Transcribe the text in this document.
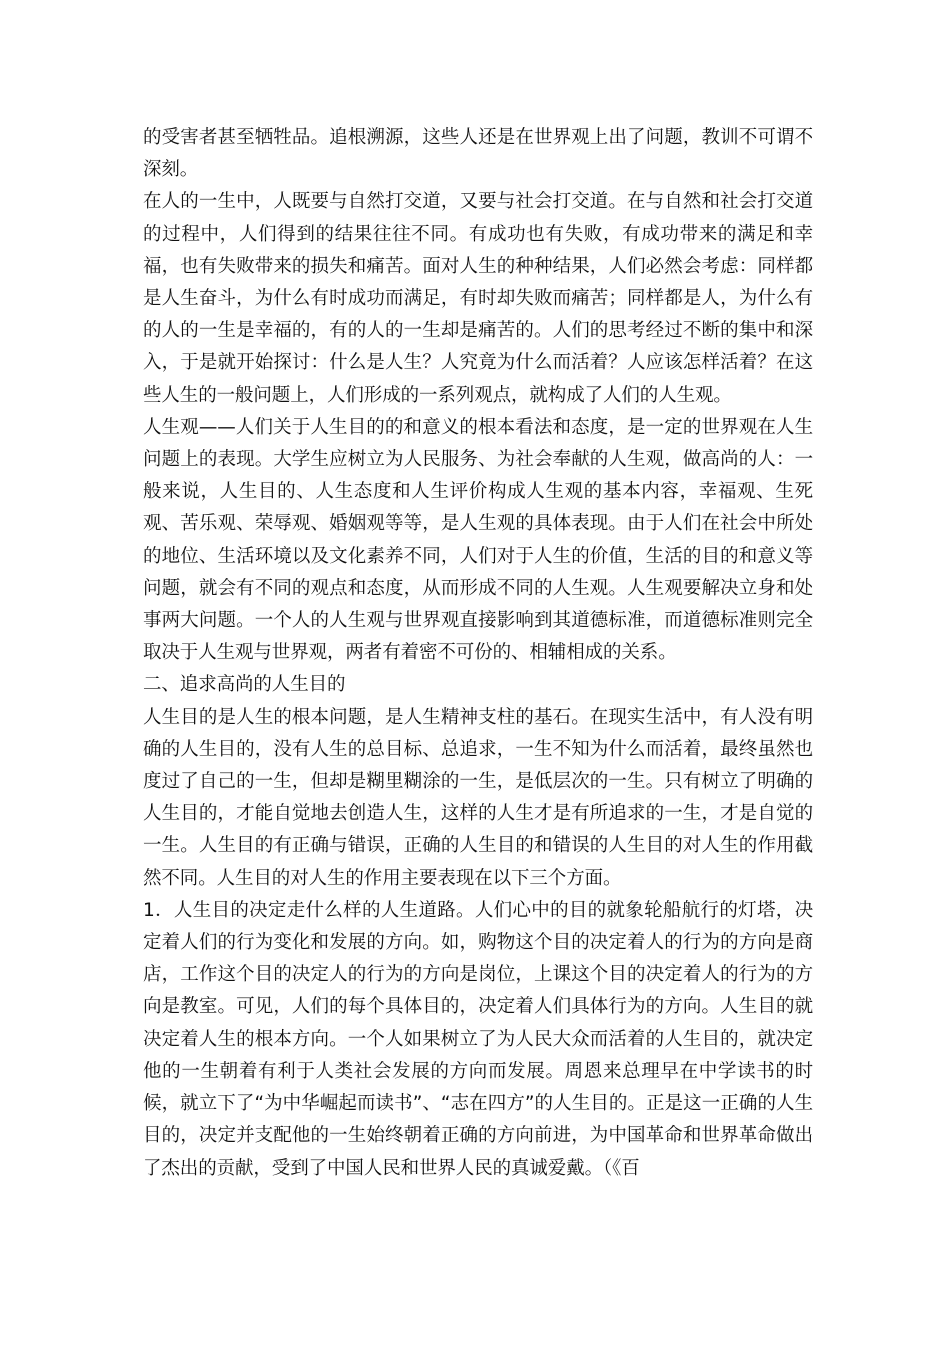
的受害者甚至牺牲品。追根溯源，这些人还是在世界观上出了问题，教训不可谓不深刻。

在人的一生中，人既要与自然打交道，又要与社会打交道。在与自然和社会打交道的过程中，人们得到的结果往往不同。有成功也有失败，有成功带来的满足和幸福，也有失败带来的损失和痛苦。面对人生的种种结果，人们必然会考虑：同样都是人生奋斗，为什么有时成功而满足，有时却失败而痛苦；同样都是人，为什么有的人的一生是幸福的，有的人的一生却是痛苦的。人们的思考经过不断的集中和深入，于是就开始探讨：什么是人生？人究竟为什么而活着？人应该怎样活着？在这些人生的一般问题上，人们形成的一系列观点，就构成了人们的人生观。

人生观——人们关于人生目的的和意义的根本看法和态度，是一定的世界观在人生问题上的表现。大学生应树立为人民服务、为社会奉献的人生观，做高尚的人：一般来说，人生目的、人生态度和人生评价构成人生观的基本内容，幸福观、生死观、苦乐观、荣辱观、婚姻观等等，是人生观的具体表现。由于人们在社会中所处的地位、生活环境以及文化素养不同，人们对于人生的价值，生活的目的和意义等问题，就会有不同的观点和态度，从而形成不同的人生观。人生观要解决立身和处事两大问题。一个人的人生观与世界观直接影响到其道德标准，而道德标准则完全取决于人生观与世界观，两者有着密不可份的、相辅相成的关系。

二、追求高尚的人生目的

人生目的是人生的根本问题，是人生精神支柱的基石。在现实生活中，有人没有明确的人生目的，没有人生的总目标、总追求，一生不知为什么而活着，最终虽然也度过了自己的一生，但却是糊里糊涂的一生，是低层次的一生。只有树立了明确的人生目的，才能自觉地去创造人生，这样的人生才是有所追求的一生，才是自觉的一生。人生目的有正确与错误，正确的人生目的和错误的人生目的对人生的作用截然不同。人生目的对人生的作用主要表现在以下三个方面。

1．人生目的决定走什么样的人生道路。人们心中的目的就象轮船航行的灯塔，决定着人们的行为变化和发展的方向。如，购物这个目的决定着人的行为的方向是商店，工作这个目的决定人的行为的方向是岗位，上课这个目的决定着人的行为的方向是教室。可见，人们的每个具体目的，决定着人们具体行为的方向。人生目的就决定着人生的根本方向。一个人如果树立了为人民大众而活着的人生目的，就决定他的一生朝着有利于人类社会发展的方向而发展。周恩来总理早在中学读书的时候，就立下了“为中华崛起而读书”、“志在四方”的人生目的。正是这一正确的人生目的，决定并支配他的一生始终朝着正确的方向前进，为中国革命和世界革命做出了杰出的贡献，受到了中国人民和世界人民的真诚爱戴。（《百
